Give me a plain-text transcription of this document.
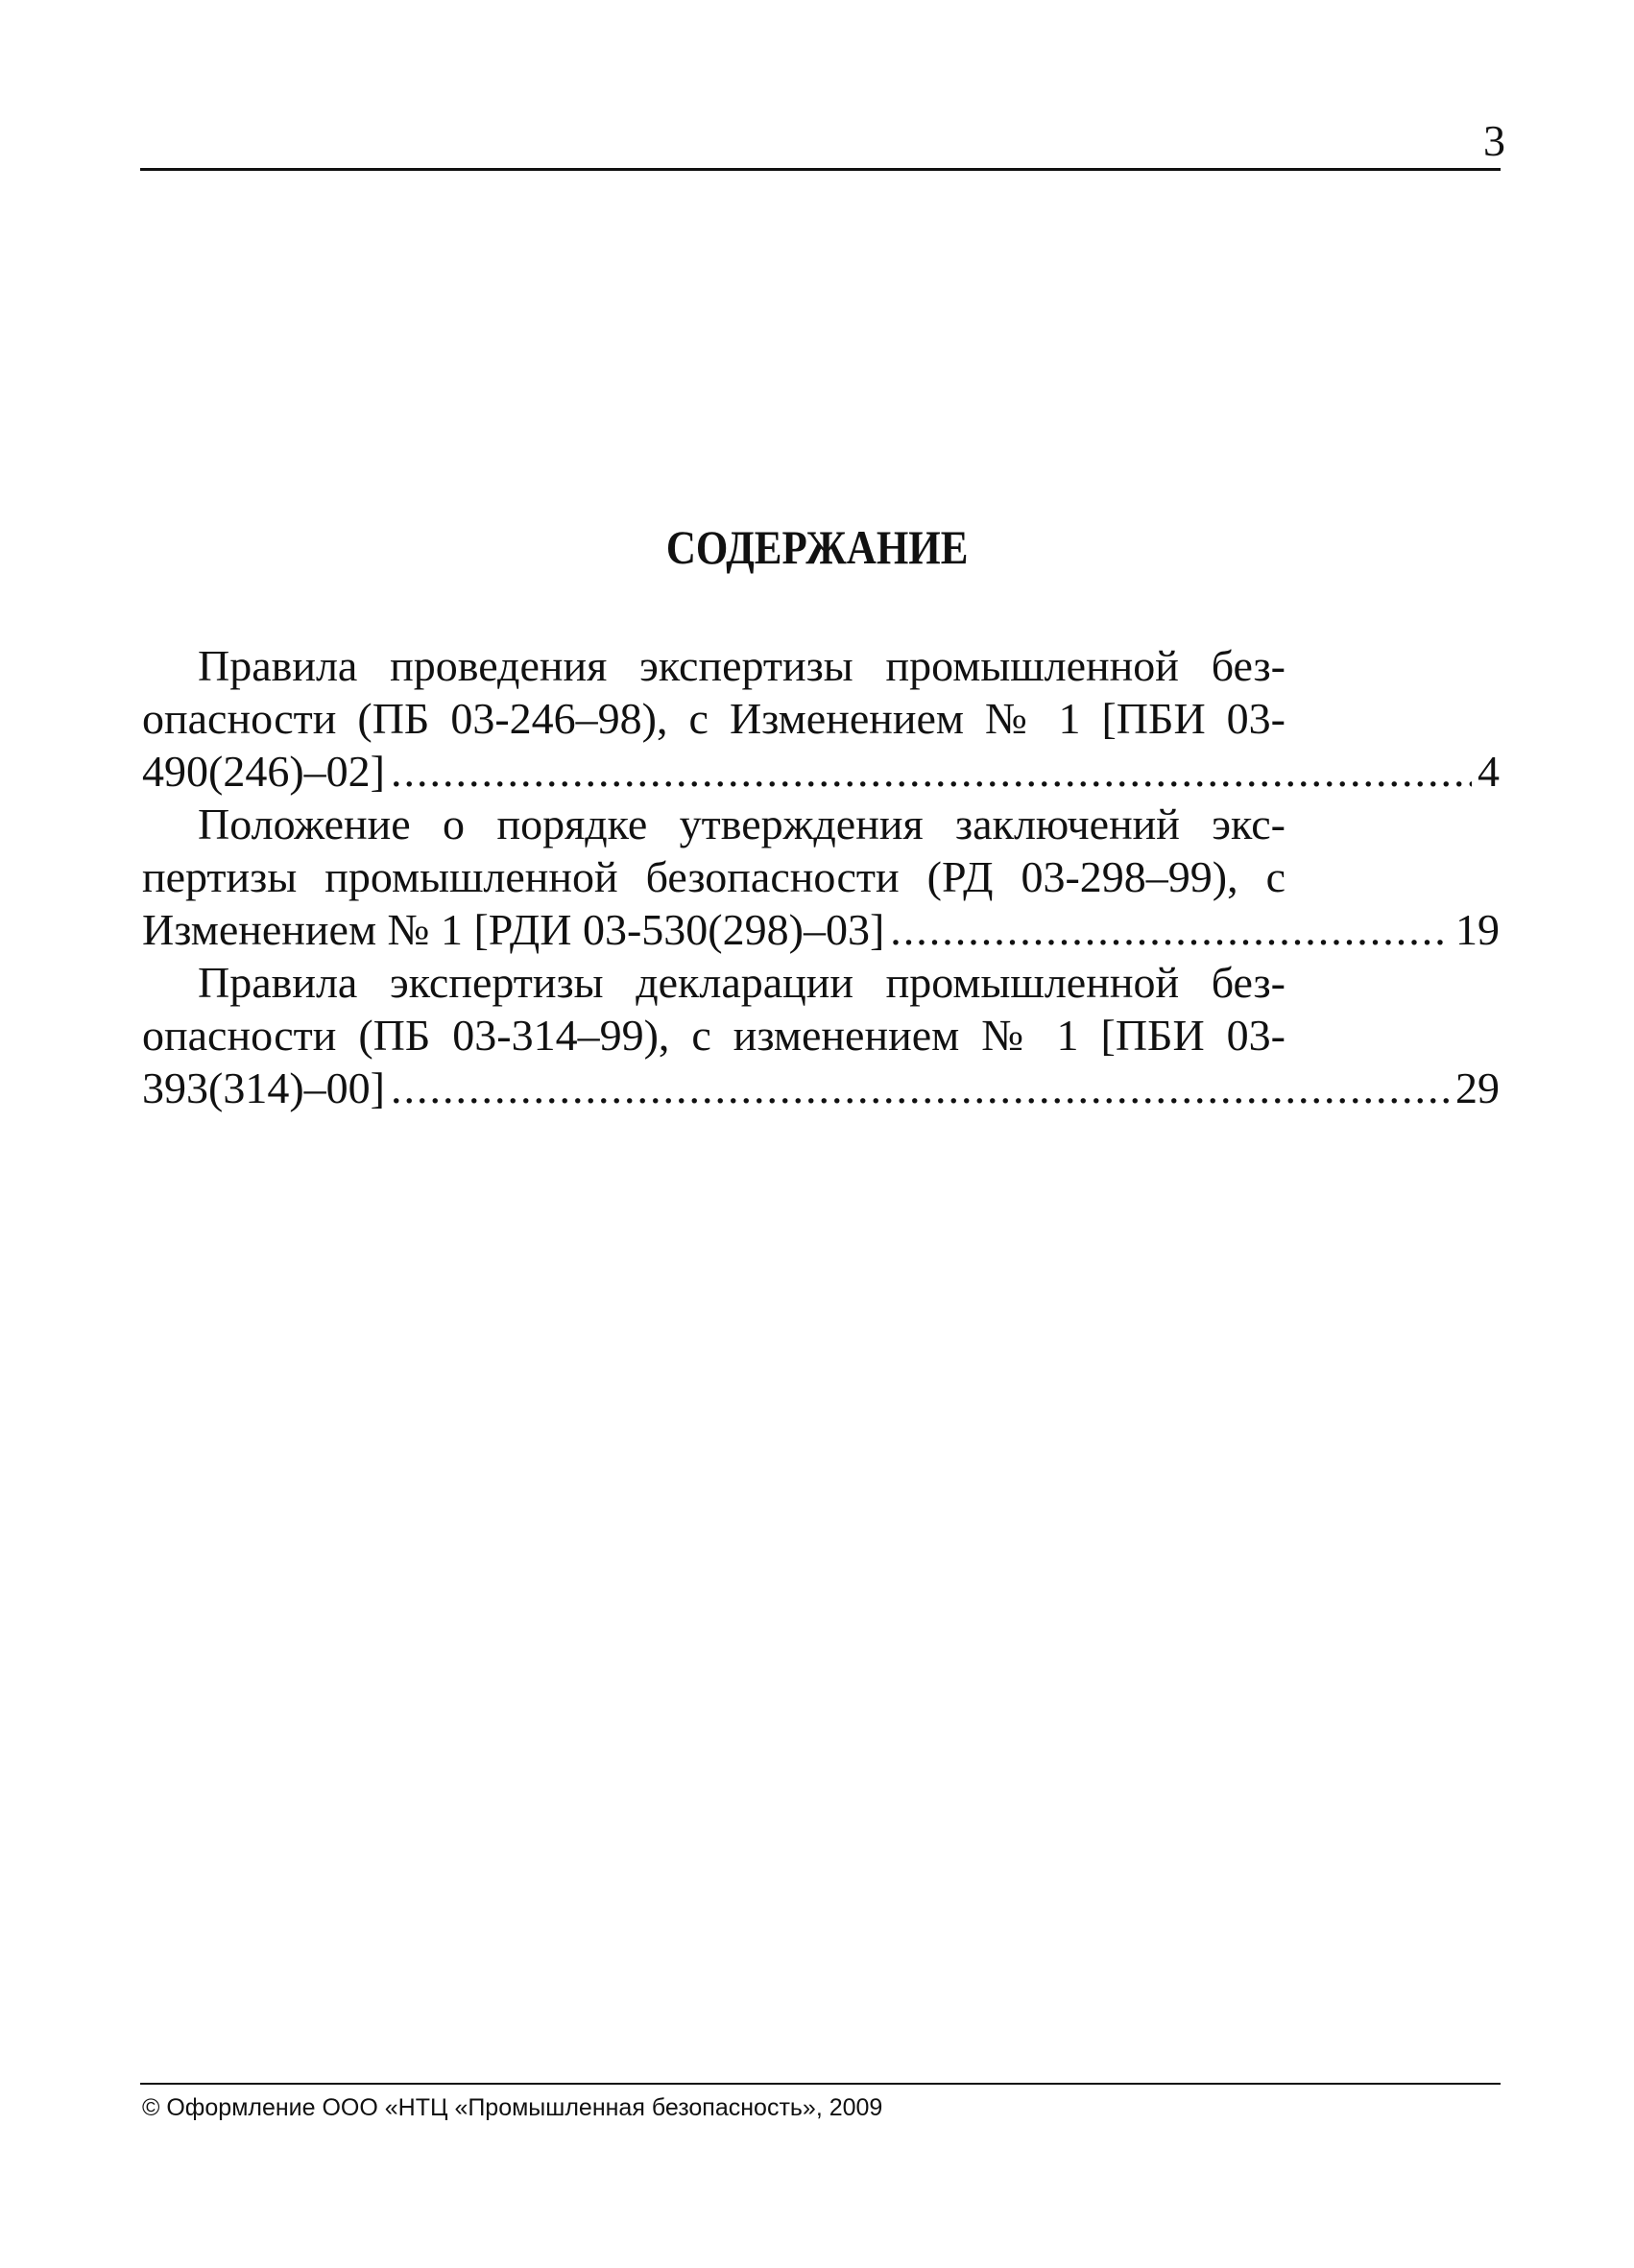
3
СОДЕРЖАНИЕ
Правила проведения экспертизы промышленной без-
опасности (ПБ 03-246–98), с Изменением № 1 [ПБИ 03-
490(246)–02] .....	4
Положение о порядке утверждения заключений экс-
пертизы промышленной безопасности (РД 03-298–99), с
Изменением № 1 [РДИ 03-530(298)–03] .....	19
Правила экспертизы декларации промышленной без-
опасности (ПБ 03-314–99), с изменением № 1 [ПБИ 03-
393(314)–00] .....	29
© Оформление ООО «НТЦ «Промышленная безопасность», 2009
